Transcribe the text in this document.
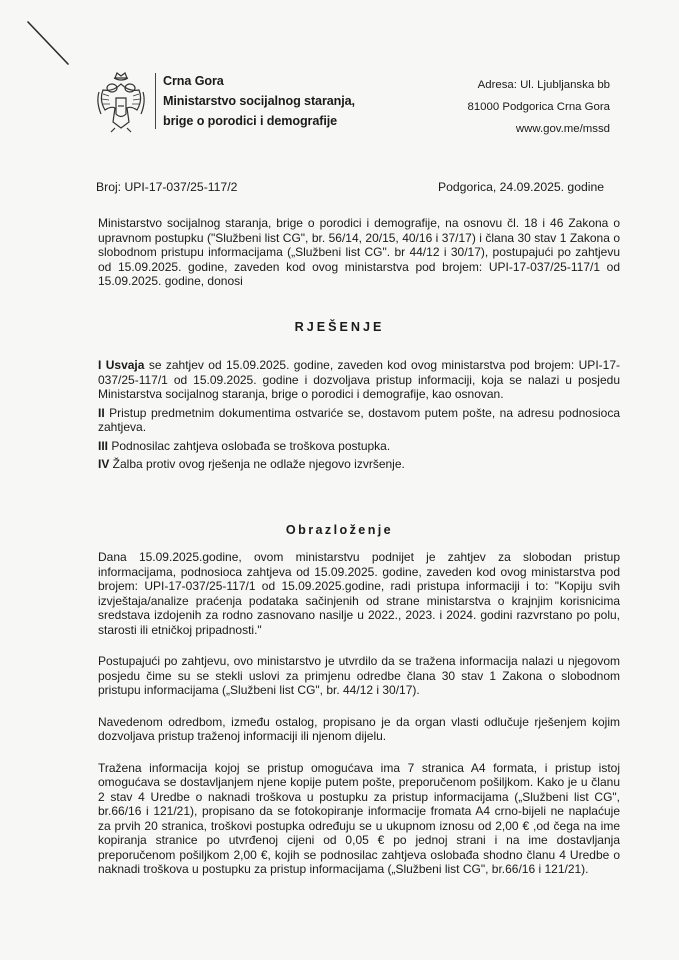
Crna Gora
Ministarstvo socijalnog staranja,
brige o porodici i demografije
Adresa: Ul. Ljubljanska bb
81000 Podgorica Crna Gora
www.gov.me/mssd
Broj: UPI-17-037/25-117/2	Podgorica, 24.09.2025. godine
Ministarstvo socijalnog staranja, brige o porodici i demografije, na osnovu čl. 18 i 46 Zakona o upravnom postupku ("Službeni list CG", br. 56/14, 20/15, 40/16 i 37/17) i člana 30 stav 1 Zakona o slobodnom pristupu informacijama („Službeni list CG". br 44/12 i 30/17), postupajući po zahtjevu od 15.09.2025. godine, zaveden kod ovog ministarstva pod brojem: UPI-17-037/25-117/1 od 15.09.2025. godine, donosi
RJEŠENJE
I Usvaja se zahtjev od 15.09.2025. godine, zaveden kod ovog ministarstva pod brojem: UPI-17-037/25-117/1 od 15.09.2025. godine i dozvoljava pristup informaciji, koja se nalazi u posjedu Ministarstva socijalnog staranja, brige o porodici i demografije, kao osnovan.
II Pristup predmetnim dokumentima ostvariće se, dostavom putem pošte, na adresu podnosioca zahtjeva.
III Podnosilac zahtjeva oslobađa se troškova postupka.
IV Žalba protiv ovog rješenja ne odlaže njegovo izvršenje.
Obrazloženje

Dana 15.09.2025.godine, ovom ministarstvu podnijet je zahtjev za slobodan pristup informacijama, podnosioca zahtjeva od 15.09.2025. godine, zaveden kod ovog ministarstva pod brojem: UPI-17-037/25-117/1 od 15.09.2025.godine, radi pristupa informaciji i to: "Kopiju svih izvještaja/analize praćenja podataka sačinjenih od strane ministarstva o krajnjim korisnicima sredstava izdojenih za rodno zasnovano nasilje u 2022., 2023. i 2024. godini razvrstano po polu, starosti ili etničkoj pripadnosti."

Postupajući po zahtjevu, ovo ministarstvo je utvrdilo da se tražena informacija nalazi u njegovom posjedu čime su se stekli uslovi za primjenu odredbe člana 30 stav 1 Zakona o slobodnom pristupu informacijama („Službeni list CG", br. 44/12 i 30/17).

Navedenom odredbom, između ostalog, propisano je da organ vlasti odlučuje rješenjem kojim dozvoljava pristup traženoj informaciji ili njenom dijelu.

Tražena informacija kojoj se pristup omogućava ima 7 stranica A4 formata, i pristup istoj omogućava se dostavljanjem njene kopije putem pošte, preporučenom pošiljkom. Kako je u članu 2 stav 4 Uredbe o naknadi troškova u postupku za pristup informacijama („Službeni list CG", br.66/16 i 121/21), propisano da se fotokopiranje informacije fromata A4 crno-bijeli ne naplaćuje za prvih 20 stranica, troškovi postupka određuju se u ukupnom iznosu od 2,00 € ,od čega na ime kopiranja stranice po utvrđenoj cijeni od 0,05 € po jednoj strani i na ime dostavljanja preporučenom pošiljkom 2,00 €, kojih se podnosilac zahtjeva oslobađa shodno članu 4 Uredbe o naknadi troškova u postupku za pristup informacijama („Službeni list CG", br.66/16 i 121/21).
